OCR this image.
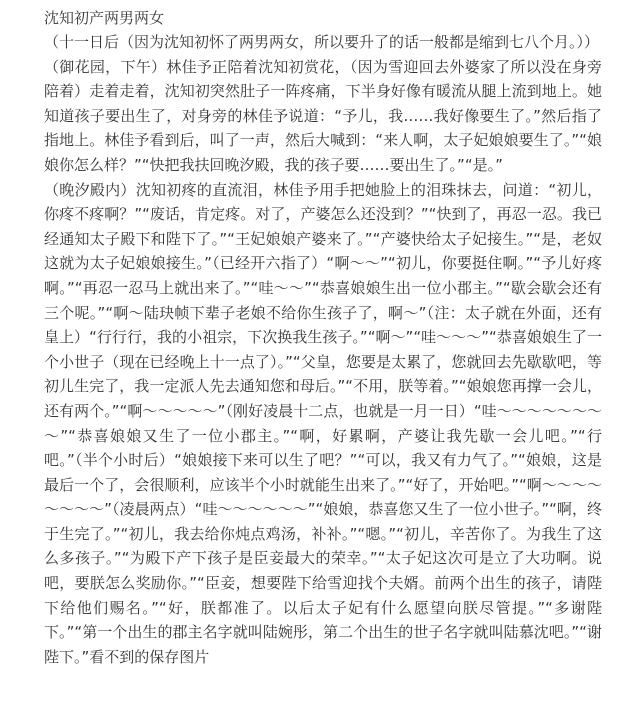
沈知初产两男两女

（十一日后（因为沈知初怀了两男两女，所以要升了的话一般都是缩到七八个月。））

（御花园，下午）林佳予正陪着沈知初赏花，（因为雪迎回去外婆家了所以没在身旁陪着）走着走着，沈知初突然肚子一阵疼痛，下半身好像有暖流从腿上流到地上。她知道孩子要出生了，对身旁的林佳予说道：“予儿，我……我好像要生了。”然后指了指地上。林佳予看到后，叫了一声，然后大喊到：“来人啊，太子妃娘娘要生了。”“娘娘你怎么样？”“快把我扶回晚汐殿，我的孩子要……要出生了。”“是。”

（晚汐殿内）沈知初疼的直流泪，林佳予用手把她脸上的泪珠抹去，问道：“初儿，你疼不疼啊？”“废话，肯定疼。对了，产婆怎么还没到？”“快到了，再忍一忍。我已经通知太子殿下和陛下了。”“王妃娘娘产婆来了。”“产婆快给太子妃接生。”“是，老奴这就为太子妃娘娘接生。”（已经开六指了）“啊～～”“初儿，你要挺住啊。”“予儿好疼啊。”“再忍一忍马上就出来了。”“哇～～”“恭喜娘娘生出一位小郡主。”“歇会歇会还有三个呢。”“啊～陆玦帧下辈子老娘不给你生孩子了，啊～”（注：太子就在外面，还有皇上）“行行行，我的小祖宗，下次换我生孩子。”“啊～”“哇～～～”“恭喜娘娘生了一个小世子（现在已经晚上十一点了）。”“父皇，您要是太累了，您就回去先歇歇吧，等初儿生完了，我一定派人先去通知您和母后。”“不用，朕等着。”“娘娘您再撑一会儿，还有两个。”“啊～～～～～”（刚好凌晨十二点，也就是一月一日）“哇～～～～～～～～”“恭喜娘娘又生了一位小郡主。”“啊，好累啊，产婆让我先歇一会儿吧。”“行吧。”（半个小时后）“娘娘接下来可以生了吧？”“可以，我又有力气了。”“娘娘，这是最后一个了，会很顺利，应该半个小时就能生出来了。”“好了，开始吧。”“啊～～～～～～～～”（凌晨两点）“哇～～～～～～”“娘娘，恭喜您又生了一位小世子。”“啊，终于生完了。”“初儿，我去给你炖点鸡汤，补补。”“嗯。”“初儿，辛苦你了。为我生了这么多孩子。”“为殿下产下孩子是臣妾最大的荣幸。”“太子妃这次可是立了大功啊。说吧，要朕怎么奖励你。”“臣妾，想要陛下给雪迎找个夫婿。前两个出生的孩子，请陛下给他们赐名。”“好，朕都准了。以后太子妃有什么愿望向朕尽管提。”“多谢陛下。”“第一个出生的郡主名字就叫陆婉彤，第二个出生的世子名字就叫陆慕沈吧。”“谢陛下。”看不到的保存图片
